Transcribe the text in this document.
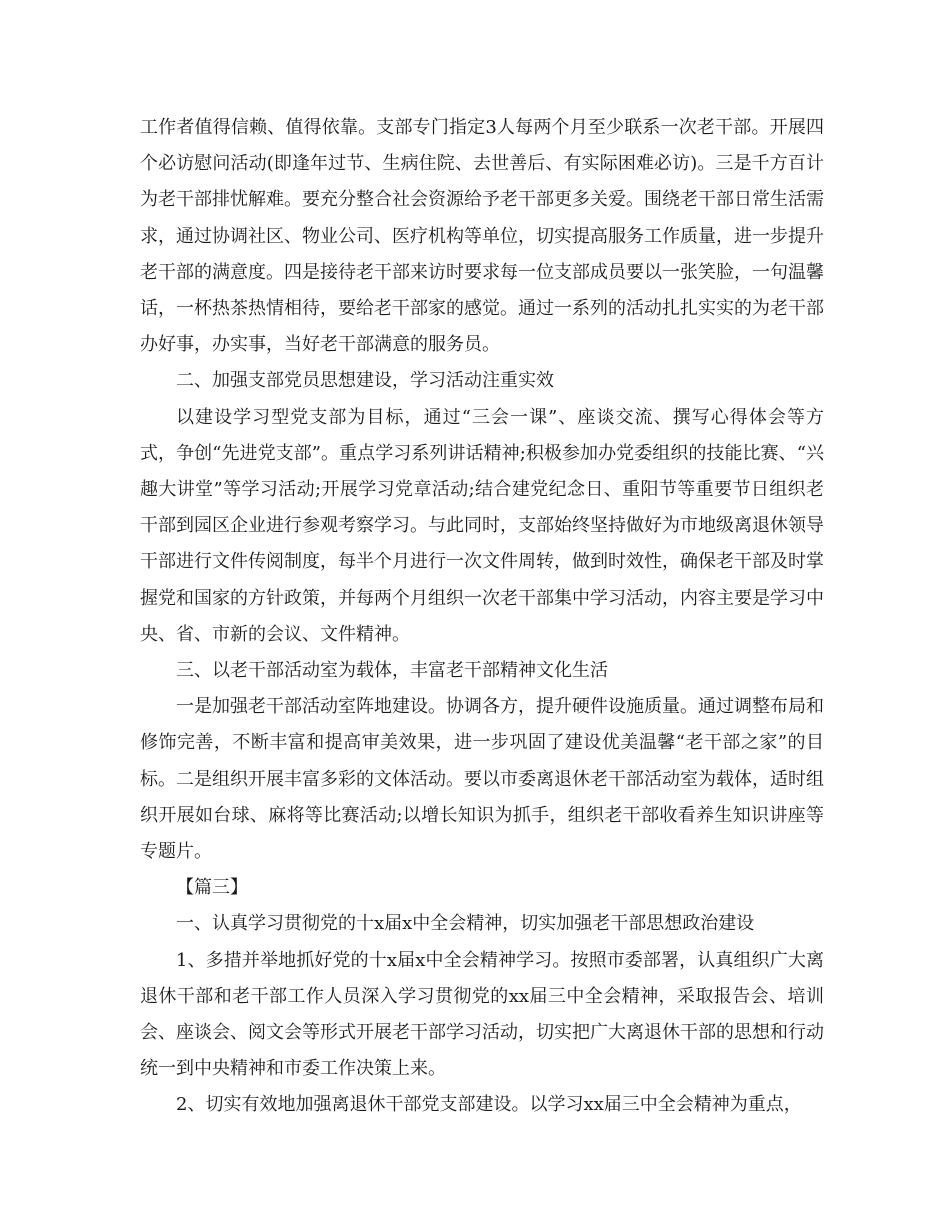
工作者值得信赖、值得依靠。支部专门指定3人每两个月至少联系一次老干部。开展四个必访慰问活动(即逢年过节、生病住院、去世善后、有实际困难必访)。三是千方百计为老干部排忧解难。要充分整合社会资源给予老干部更多关爱。围绕老干部日常生活需求，通过协调社区、物业公司、医疗机构等单位，切实提高服务工作质量，进一步提升老干部的满意度。四是接待老干部来访时要求每一位支部成员要以一张笑脸，一句温馨话，一杯热茶热情相待，要给老干部家的感觉。通过一系列的活动扎扎实实的为老干部办好事，办实事，当好老干部满意的服务员。

二、加强支部党员思想建设，学习活动注重实效

以建设学习型党支部为目标，通过“三会一课”、座谈交流、撰写心得体会等方式，争创“先进党支部”。重点学习系列讲话精神;积极参加办党委组织的技能比赛、“兴趣大讲堂”等学习活动;开展学习党章活动;结合建党纪念日、重阳节等重要节日组织老干部到园区企业进行参观考察学习。与此同时，支部始终坚持做好为市地级离退休领导干部进行文件传阅制度，每半个月进行一次文件周转，做到时效性，确保老干部及时掌握党和国家的方针政策，并每两个月组织一次老干部集中学习活动，内容主要是学习中央、省、市新的会议、文件精神。

三、以老干部活动室为载体，丰富老干部精神文化生活

一是加强老干部活动室阵地建设。协调各方，提升硬件设施质量。通过调整布局和修饰完善，不断丰富和提高审美效果，进一步巩固了建设优美温馨“老干部之家”的目标。二是组织开展丰富多彩的文体活动。要以市委离退休老干部活动室为载体，适时组织开展如台球、麻将等比赛活动;以增长知识为抓手，组织老干部收看养生知识讲座等专题片。

【篇三】

一、认真学习贯彻党的十x届x中全会精神，切实加强老干部思想政治建设

1、多措并举地抓好党的十x届x中全会精神学习。按照市委部署，认真组织广大离退休干部和老干部工作人员深入学习贯彻党的xx届三中全会精神，采取报告会、培训会、座谈会、阅文会等形式开展老干部学习活动，切实把广大离退休干部的思想和行动统一到中央精神和市委工作决策上来。

2、切实有效地加强离退休干部党支部建设。以学习xx届三中全会精神为重点，
